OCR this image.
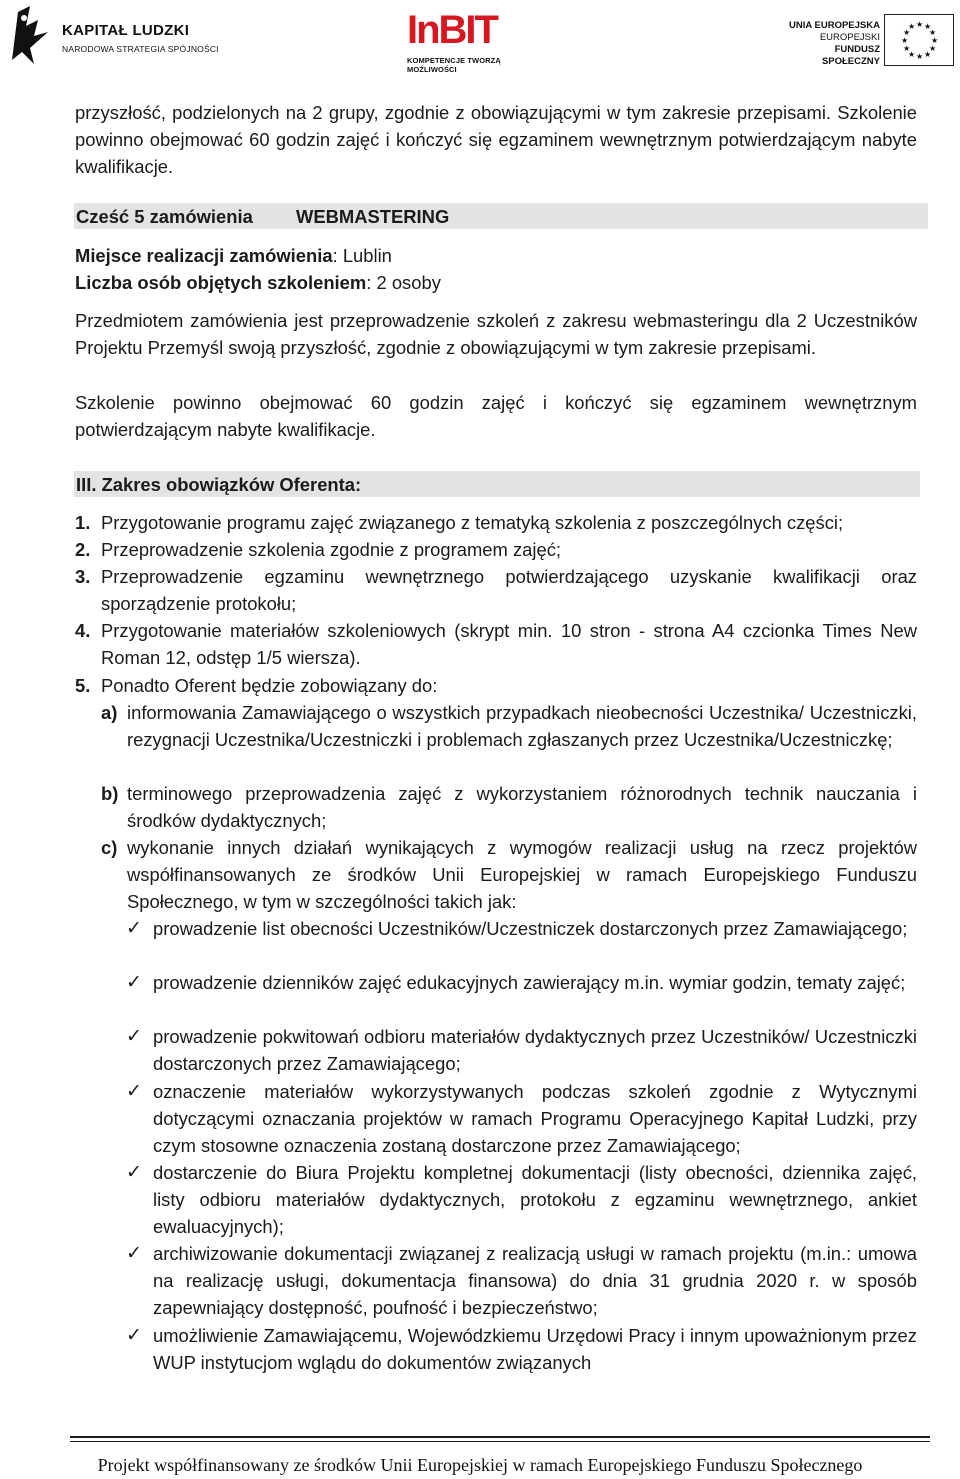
KAPITAŁ LUDZKI
NARODOWA STRATEGIA SPÓJNOŚCI	InBIT
KOMPETENCJE TWORZĄ MOŻLIWOŚCI
UNIA EUROPEJSKA
EUROPEJSKI
FUNDUSZ SPOŁECZNY
★ ★
★
★
★
★
★
★
★
★
★
★
przyszłość, podzielonych na 2 grupy, zgodnie z obowiązującymi w tym zakresie przepisami. Szkolenie powinno obejmować 60 godzin zajęć i kończyć się egzaminem wewnętrznym potwierdzającym nabyte kwalifikacje.
Cześć 5 zamówienia WEBMASTERING
Miejsce realizacji zamówienia: Lublin
Liczba osób objętych szkoleniem: 2 osoby
Przedmiotem zamówienia jest przeprowadzenie szkoleń z zakresu webmasteringu dla 2 Uczestników Projektu Przemyśl swoją przyszłość, zgodnie z obowiązującymi w tym zakresie przepisami.
Szkolenie powinno obejmować 60 godzin zajęć i kończyć się egzaminem wewnętrznym potwierdzającym nabyte kwalifikacje.
III. Zakres obowiązków Oferenta:
1. Przygotowanie programu zajęć związanego z tematyką szkolenia z poszczególnych części;
2. Przeprowadzenie szkolenia zgodnie z programem zajęć;
3. Przeprowadzenie egzaminu wewnętrznego potwierdzającego uzyskanie kwalifikacji oraz sporządzenie protokołu;
4. Przygotowanie materiałów szkoleniowych (skrypt min. 10 stron - strona A4 czcionka Times New Roman 12, odstęp 1/5 wiersza).
5. Ponadto Oferent będzie zobowiązany do:
a) informowania Zamawiającego o wszystkich przypadkach nieobecności Uczestnika/ Uczestniczki, rezygnacji Uczestnika/Uczestniczki i problemach zgłaszanych przez Uczestnika/Uczestniczkę;
b) terminowego przeprowadzenia zajęć z wykorzystaniem różnorodnych technik nauczania i środków dydaktycznych;
c) wykonanie innych działań wynikających z wymogów realizacji usług na rzecz projektów współfinansowanych ze środków Unii Europejskiej w ramach Europejskiego Funduszu Społecznego, w tym w szczególności takich jak:
✓ prowadzenie list obecności Uczestników/Uczestniczek dostarczonych przez Zamawiającego;
✓ prowadzenie dzienników zajęć edukacyjnych zawierający m.in. wymiar godzin, tematy zajęć;
✓ prowadzenie pokwitowań odbioru materiałów dydaktycznych przez Uczestników/ Uczestniczki dostarczonych przez Zamawiającego;
✓ oznaczenie materiałów wykorzystywanych podczas szkoleń zgodnie z Wytycznymi dotyczącymi oznaczania projektów w ramach Programu Operacyjnego Kapitał Ludzki, przy czym stosowne oznaczenia zostaną dostarczone przez Zamawiającego;
✓ dostarczenie do Biura Projektu kompletnej dokumentacji (listy obecności, dziennika zajęć, listy odbioru materiałów dydaktycznych, protokołu z egzaminu wewnętrznego, ankiet ewaluacyjnych);
✓ archiwizowanie dokumentacji związanej z realizacją usługi w ramach projektu (m.in.: umowa na realizację usługi, dokumentacja finansowa) do dnia 31 grudnia 2020 r. w sposób zapewniający dostępność, poufność i bezpieczeństwo;
✓ umożliwienie Zamawiającemu, Wojewódzkiemu Urzędowi Pracy i innym upoważnionym przez WUP instytucjom wglądu do dokumentów związanych
Projekt współfinansowany ze środków Unii Europejskiej w ramach Europejskiego Funduszu Społecznego
